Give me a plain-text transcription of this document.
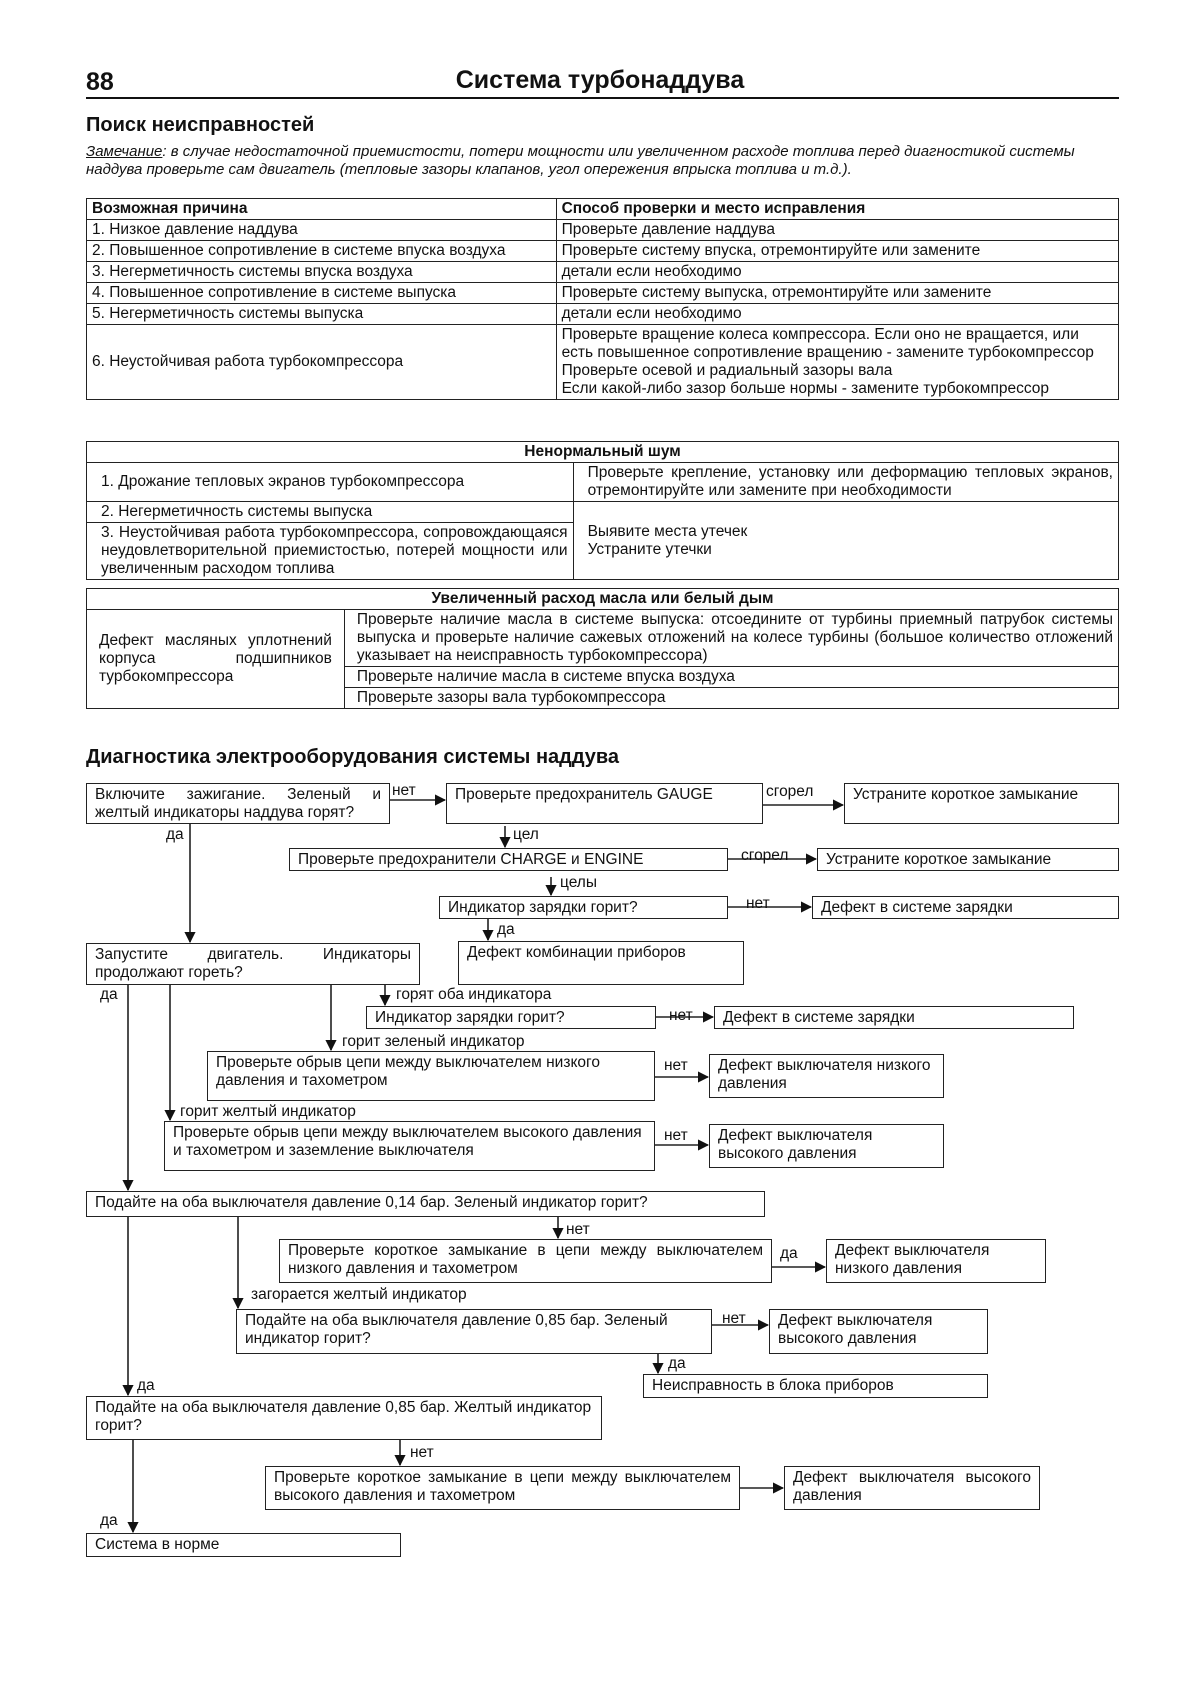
88	Система турбонаддува
Поиск неисправностей
Замечание: в случае недостаточной приемистости, потери мощности или увеличенном расходе топлива перед диагностикой системы наддува проверьте сам двигатель (тепловые зазоры клапанов, угол опережения впрыска топлива и т.д.).
Возможная причина	Способ проверки и место исправления
1. Низкое давление наддува	Проверьте давление наддува
2. Повышенное сопротивление в системе впуска воздуха	Проверьте систему впуска, отремонтируйте или замените
3. Негерметичность системы впуска воздуха	детали если необходимо
4. Повышенное сопротивление в системе выпуска	Проверьте систему выпуска, отремонтируйте или замените
5. Негерметичность системы выпуска	детали если необходимо
6. Неустойчивая работа турбокомпрессора	Проверьте вращение колеса компрессора. Если оно не вращается, или есть повышенное сопротивление вращению - замените турбокомпрессор
Проверьте осевой и радиальный зазоры вала
Если какой-либо зазор больше нормы - замените турбокомпрессор
Ненормальный шум	
1. Дрожание тепловых экранов турбокомпрессора	Проверьте крепление, установку или деформацию тепловых экранов, отремонтируйте или замените при необходимости
2. Негерметичность системы выпуска	Выявите места утечек
Устраните утечки

3. Неустойчивая работа турбокомпрессора, сопровождающаяся неудовлетворительной приемистостью, потерей мощности или увеличенным расходом топлива	
Увеличенный расход масла или белый дым
Дефект масляных уплотнений корпуса подшипников турбокомпрессора	Проверьте наличие масла в системе выпуска: отсоедините от турбины приемный патрубок системы выпуска и проверьте наличие сажевых отложений на колесе турбины (большое количество отложений указывает на неисправность турбокомпрессора)
Проверьте наличие масла в системе впуска воздуха
Проверьте зазоры вала турбокомпрессора
Диагностика электрооборудования системы наддува
Включите зажигание. Зеленый и желтый индикаторы наддува горят?
Проверьте предохранитель GAUGE	Устраните короткое замыкание
Проверьте предохранители CHARGE и ENGINE	Устраните короткое замыкание
Индикатор зарядки горит?	Дефект в системе зарядки
Запустите двигатель. Индикаторы продолжают гореть?
Дефект комбинации приборов
Индикатор зарядки горит?	Дефект в системе зарядки
Проверьте обрыв цепи между выключателем низкого давления и тахометром
Дефект выключателя низкого давления
Проверьте обрыв цепи между выключателем высокого давления и тахометром и заземление выключателя
Дефект выключателя высокого давления
Подайте на оба выключателя давление 0,14 бар. Зеленый индикатор горит?
Проверьте короткое замыкание в цепи между выключателем низкого давления и тахометром
Дефект выключателя низкого давления
Подайте на оба выключателя давление 0,85 бар. Зеленый индикатор горит?
Дефект выключателя высокого давления
Неисправность в блока приборов
Подайте на оба выключателя давление 0,85 бар. Желтый индикатор горит?
Проверьте короткое замыкание в цепи между выключателем высокого давления и тахометром
Дефект выключателя высокого давления
Система в норме
нет	сгорел
да	цел
сгорел
целы
нет
да
да	горят оба индикатора
нет
горит зеленый индикатор
нет
горит желтый индикатор
нет
нет
да
загорается желтый индикатор
нет
да
да
нет
да
